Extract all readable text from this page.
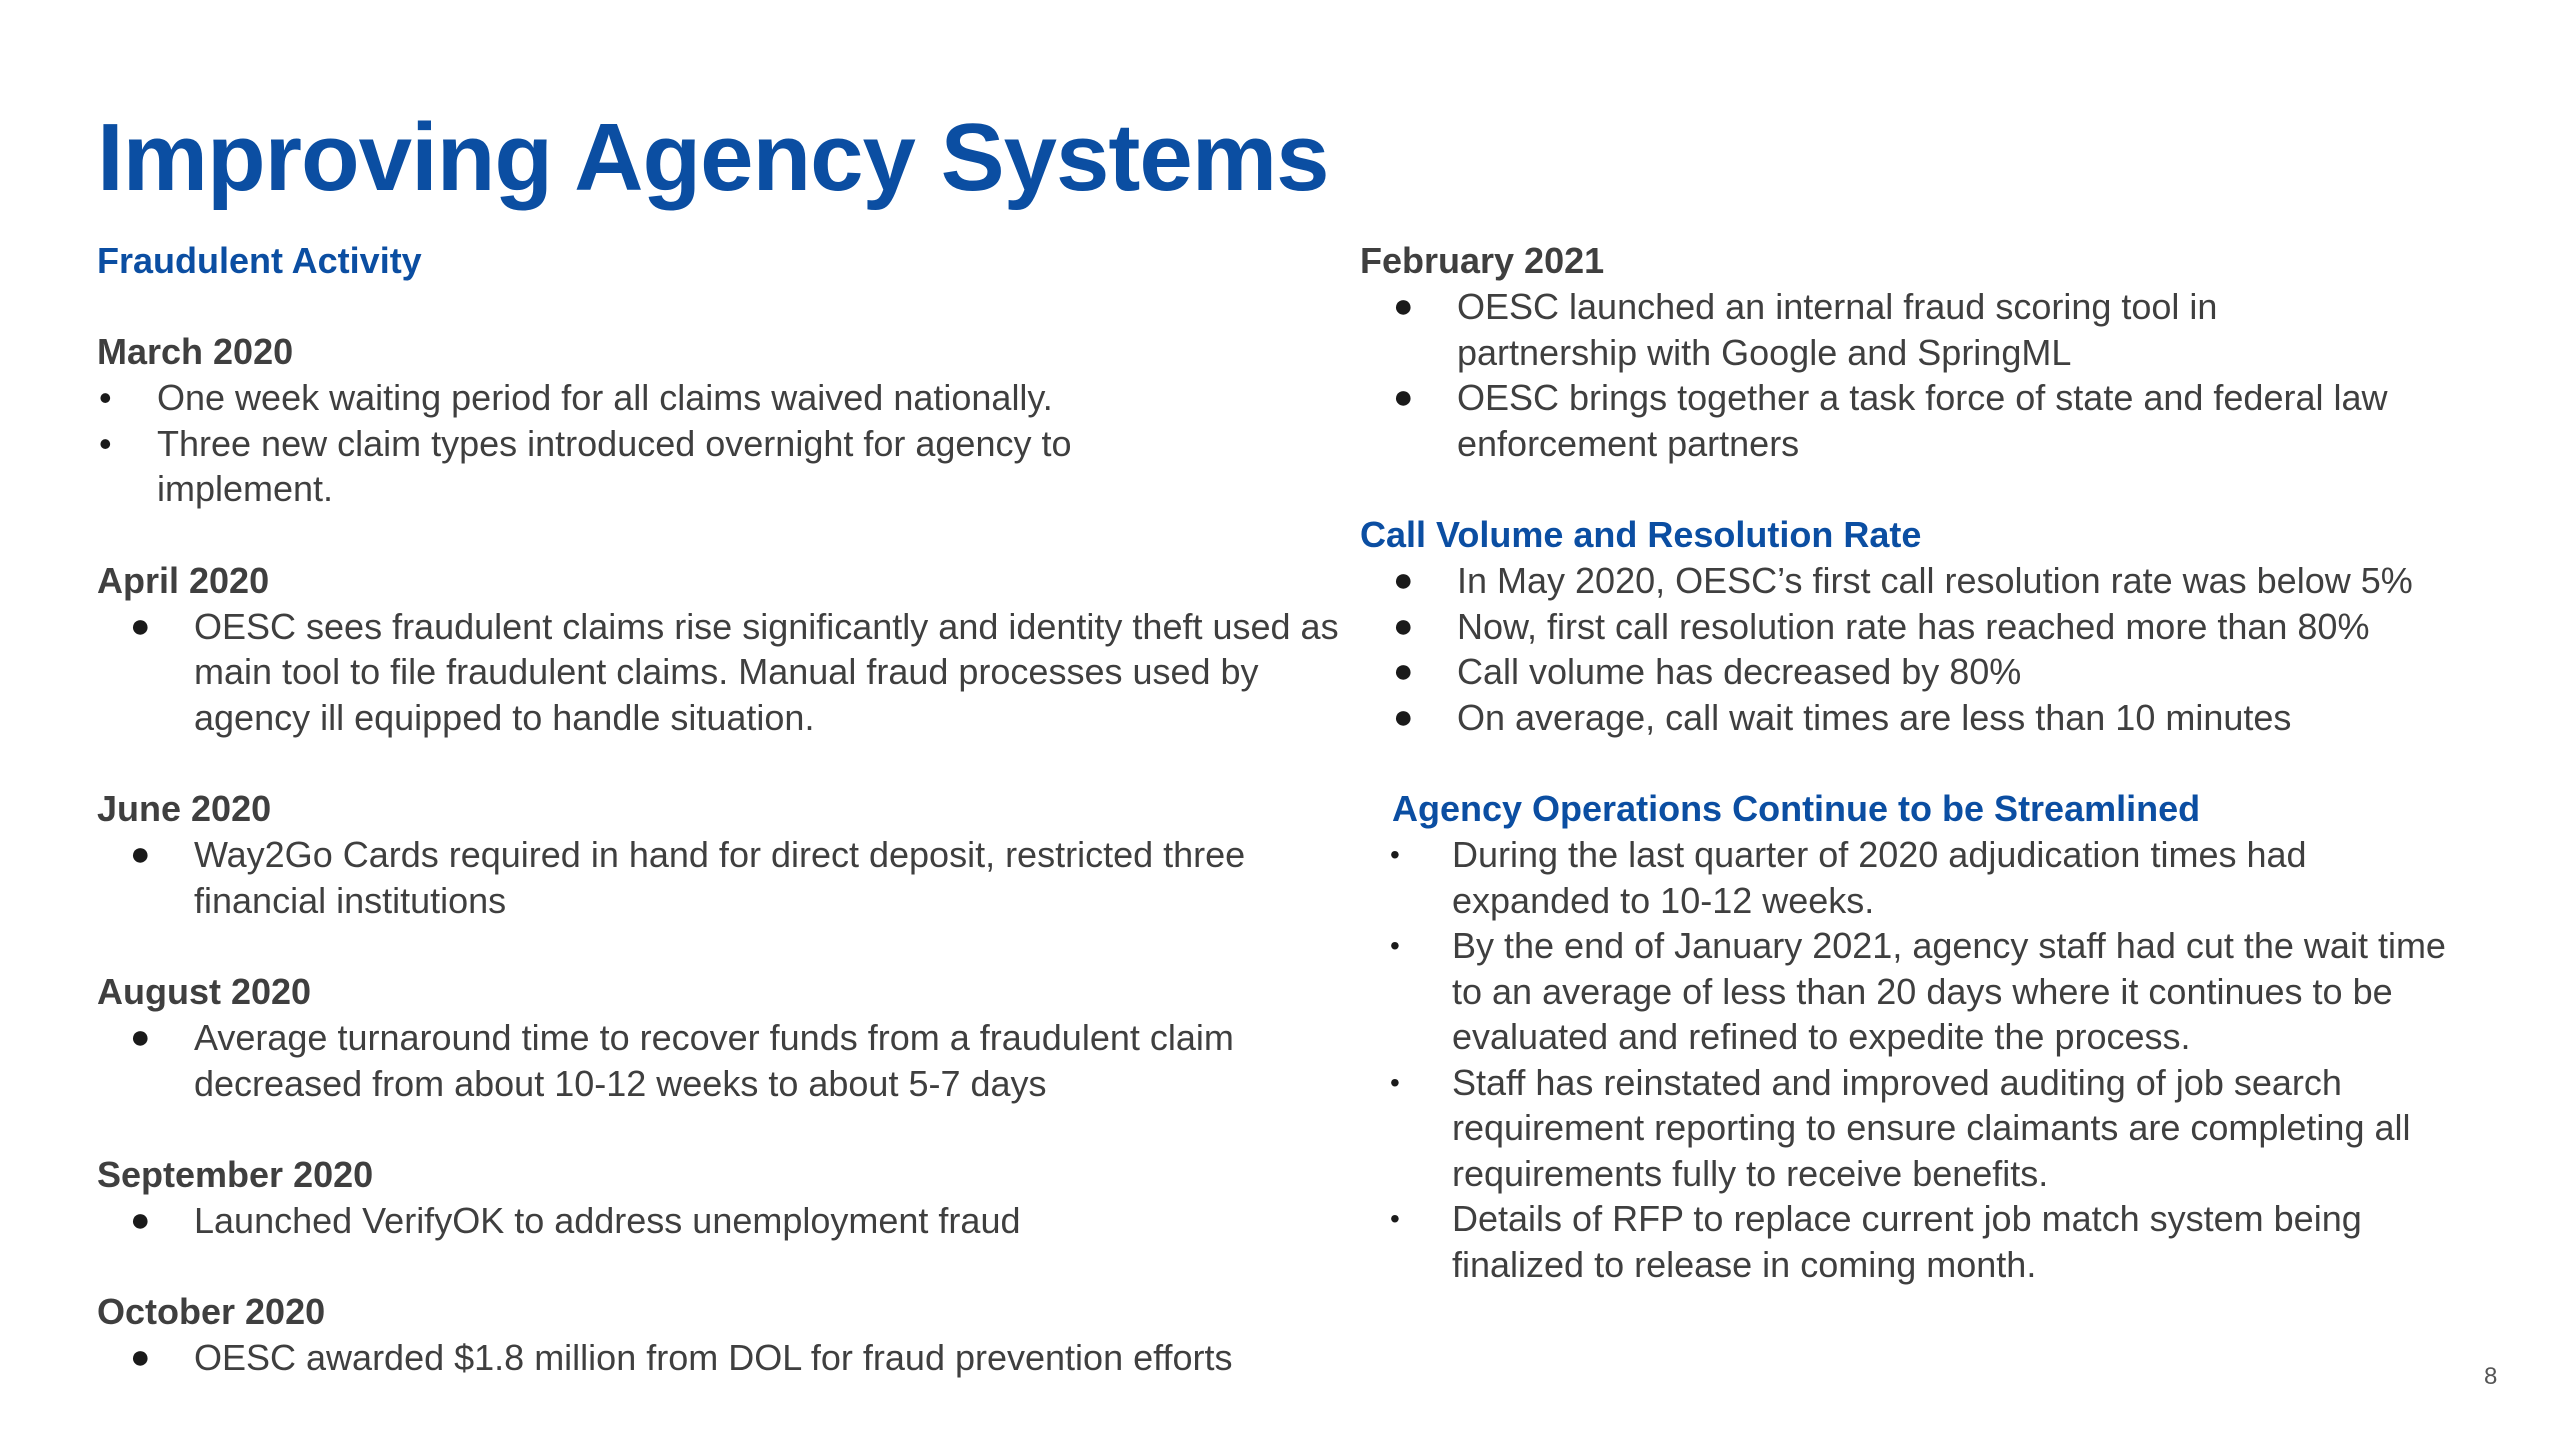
Improving Agency Systems

Fraudulent Activity

March 2020

• One week waiting period for all claims waived nationally.
• Three new claim types introduced overnight for agency to implement.

April 2020

● OESC sees fraudulent claims rise significantly and identity theft used as main tool to file fraudulent claims. Manual fraud processes used by agency ill equipped to handle situation.

June 2020

● Way2Go Cards required in hand for direct deposit, restricted three financial institutions

August 2020

● Average turnaround time to recover funds from a fraudulent claim decreased from about 10-12 weeks to about 5-7 days

September 2020

● Launched VerifyOK to address unemployment fraud

October 2020

● OESC awarded $1.8 million from DOL for fraud prevention efforts

February 2021

● OESC launched an internal fraud scoring tool in partnership with Google and SpringML
● OESC brings together a task force of state and federal law enforcement partners

Call Volume and Resolution Rate

● In May 2020, OESC’s first call resolution rate was below 5%
● Now, first call resolution rate has reached more than 80%
● Call volume has decreased by 80%
● On average, call wait times are less than 10 minutes

Agency Operations Continue to be Streamlined

• During the last quarter of 2020 adjudication times had expanded to 10-12 weeks.
• By the end of January 2021, agency staff had cut the wait time to an average of less than 20 days where it continues to be evaluated and refined to expedite the process.
• Staff has reinstated and improved auditing of job search requirement reporting to ensure claimants are completing all requirements fully to receive benefits.
• Details of RFP to replace current job match system being finalized to release in coming month.
8
